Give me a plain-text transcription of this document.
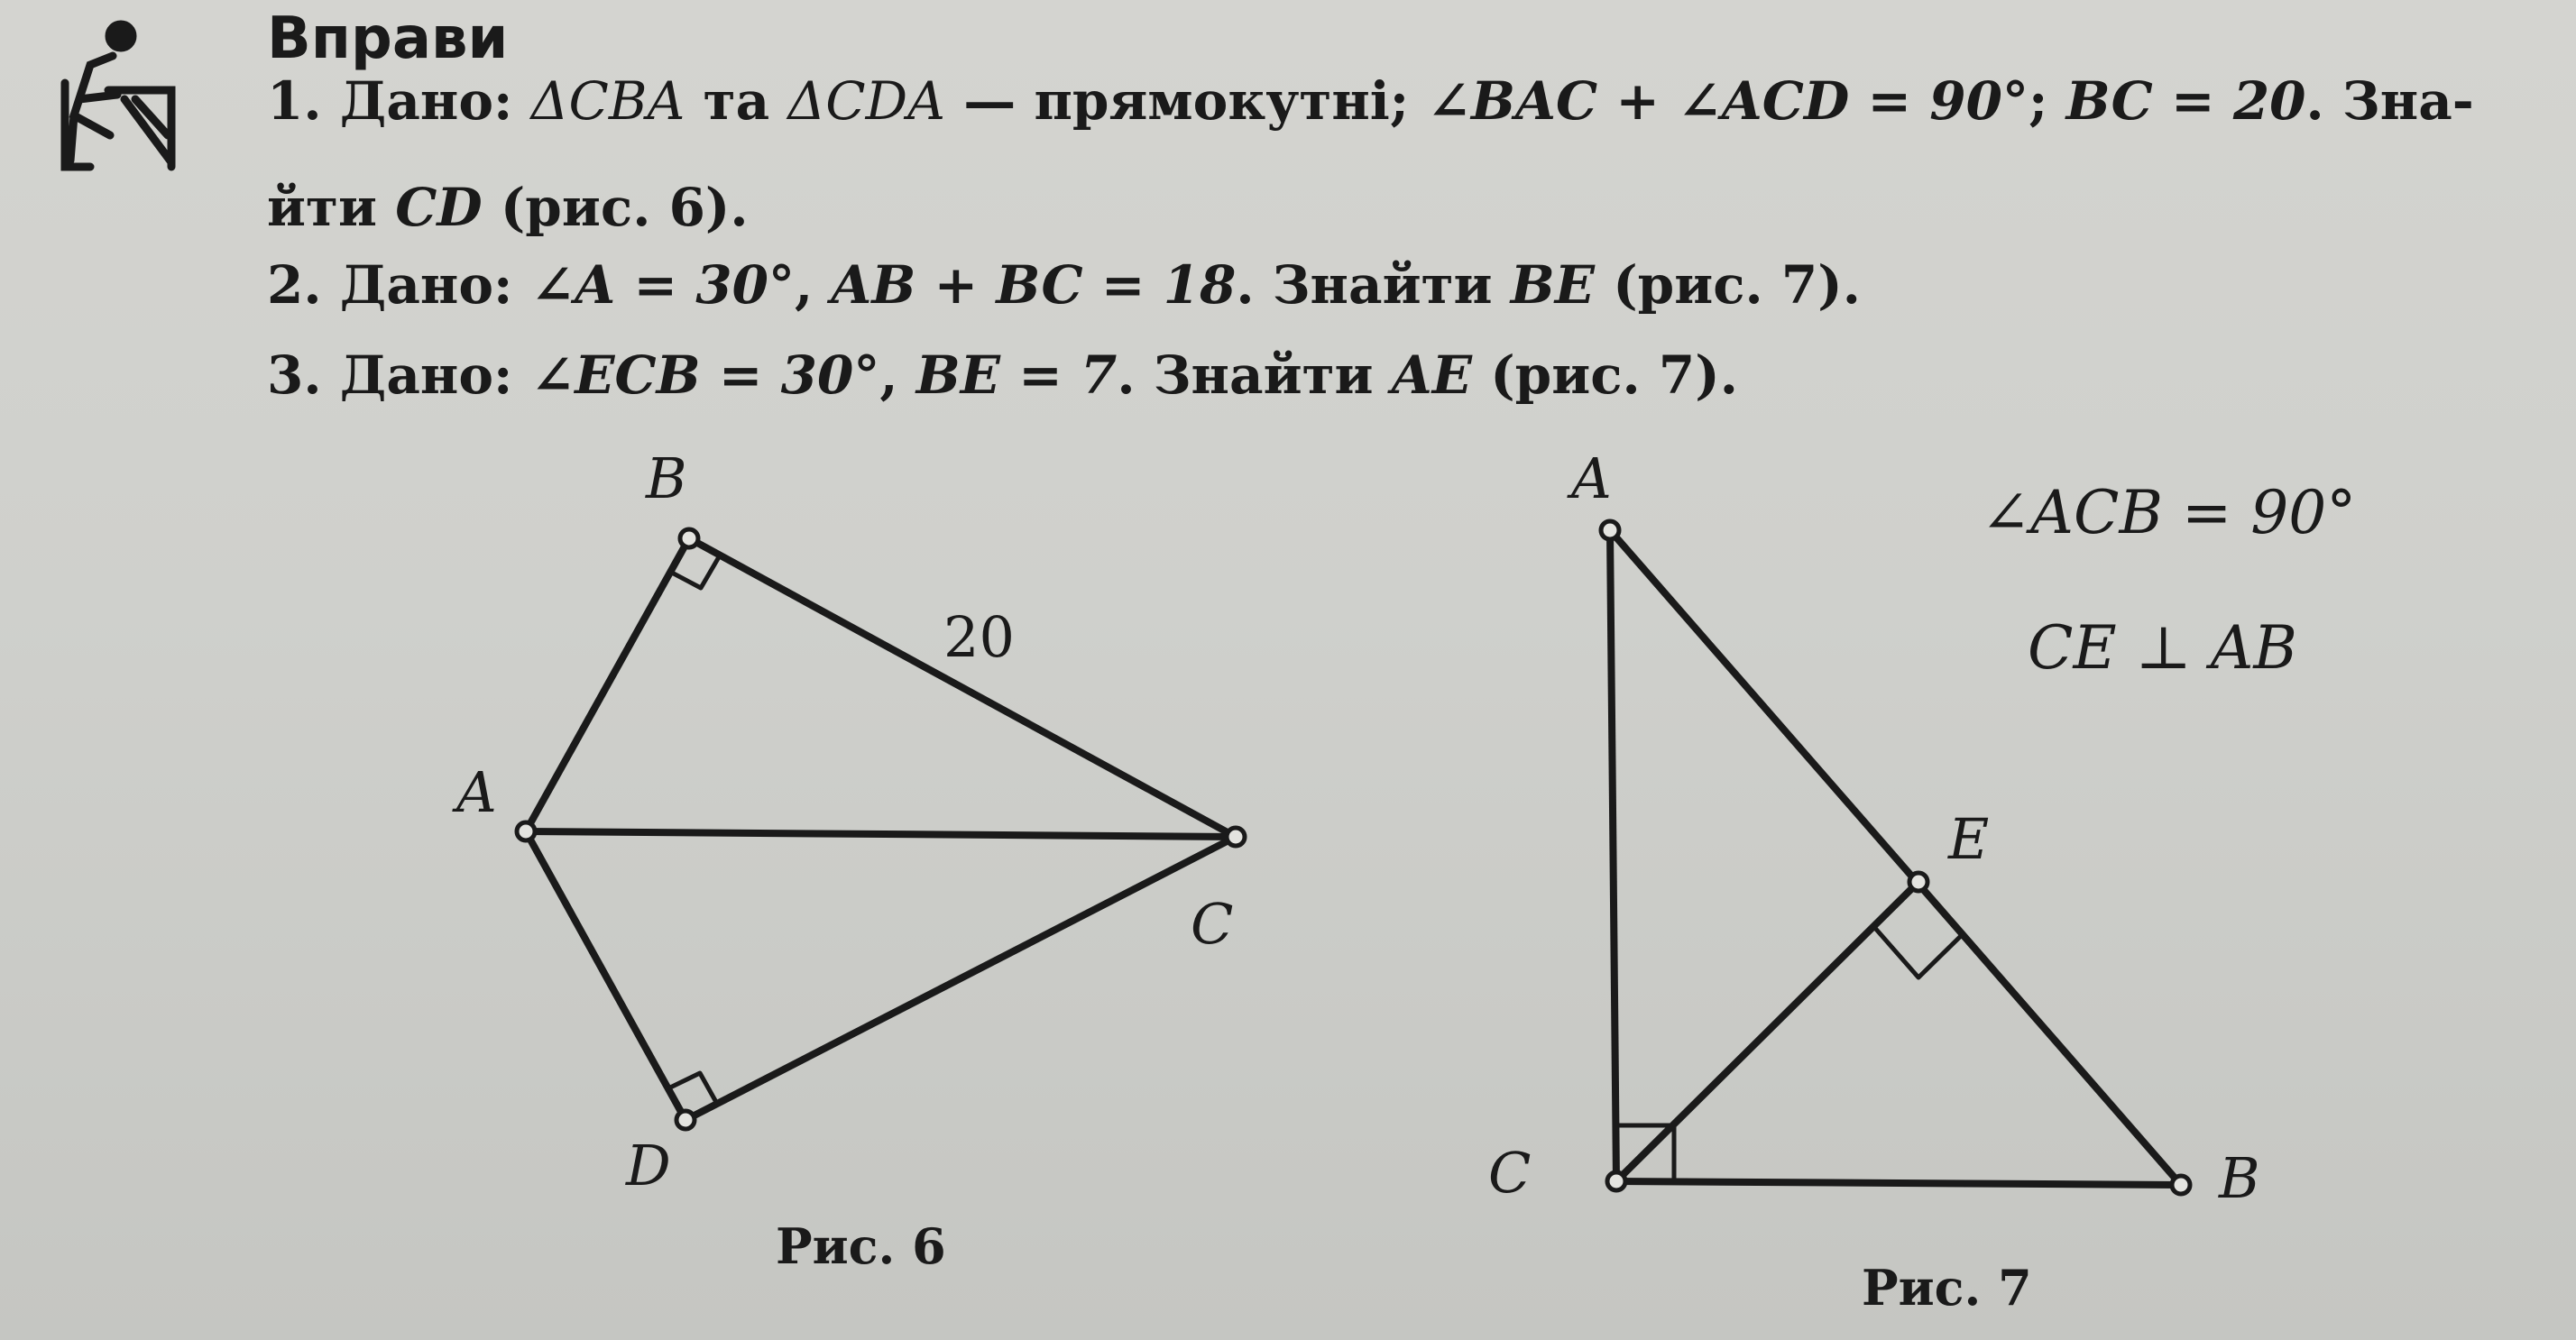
Вправи
1. Дано: ΔCBA та ΔCDA — прямокутні; ∠BAC + ∠ACD = 90°; BC = 20. Зна-
йти CD (рис. 6).
2. Дано: ∠A = 30°, AB + BC = 18. Знайти BE (рис. 7).
3. Дано: ∠ECB = 30°, BE = 7. Знайти AE (рис. 7).
B
A
C
D
20
Рис. 6
A
C	B
E
∠ACB = 90°
CE ⊥ AB
Рис. 7
